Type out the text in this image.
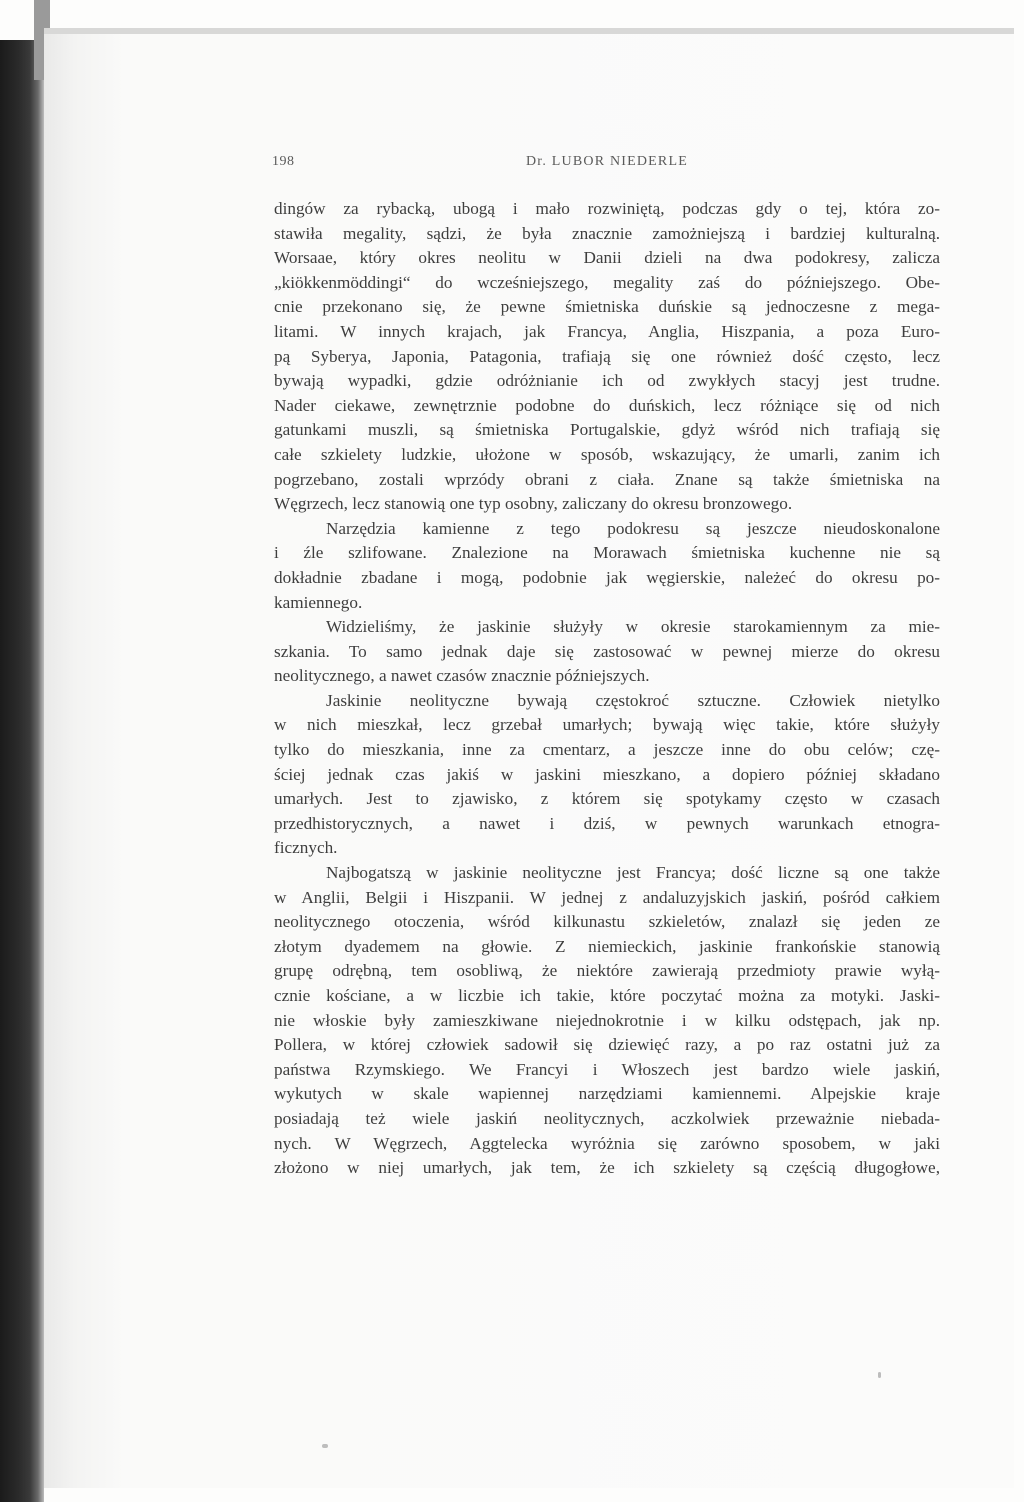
198	Dr. LUBOR NIEDERLE
dingów za rybacką, ubogą i mało rozwiniętą, podczas gdy o tej, która zo-
stawiła megality, sądzi, że była znacznie zamożniejszą i bardziej kulturalną.
Worsaae, który okres neolitu w Danii dzieli na dwa podokresy, zalicza
„kiökkenmöddingi“ do wcześniejszego, megality zaś do późniejszego. Obe-
cnie przekonano się, że pewne śmietniska duńskie są jednoczesne z mega-
litami. W innych krajach, jak Francya, Anglia, Hiszpania, a poza Euro-
pą Syberya, Japonia, Patagonia, trafiają się one również dość często, lecz
bywają wypadki, gdzie odróżnianie ich od zwykłych stacyj jest trudne.
Nader ciekawe, zewnętrznie podobne do duńskich, lecz różniące się od nich
gatunkami muszli, są śmietniska Portugalskie, gdyż wśród nich trafiają się
całe szkielety ludzkie, ułożone w sposób, wskazujący, że umarli, zanim ich
pogrzebano, zostali wprzódy obrani z ciała. Znane są także śmietniska na
Węgrzech, lecz stanowią one typ osobny, zaliczany do okresu bronzowego.
Narzędzia kamienne z tego podokresu są jeszcze nieudoskonalone
i źle szlifowane. Znalezione na Morawach śmietniska kuchenne nie są
dokładnie zbadane i mogą, podobnie jak węgierskie, należeć do okresu po-
kamiennego.
Widzieliśmy, że jaskinie służyły w okresie starokamiennym za mie-
szkania. To samo jednak daje się zastosować w pewnej mierze do okresu
neolitycznego, a nawet czasów znacznie późniejszych.
Jaskinie neolityczne bywają częstokroć sztuczne. Człowiek nietylko
w nich mieszkał, lecz grzebał umarłych; bywają więc takie, które służyły
tylko do mieszkania, inne za cmentarz, a jeszcze inne do obu celów; czę-
ściej jednak czas jakiś w jaskini mieszkano, a dopiero później składano
umarłych. Jest to zjawisko, z którem się spotykamy często w czasach
przedhistorycznych, a nawet i dziś, w pewnych warunkach etnogra-
ficznych.
Najbogatszą w jaskinie neolityczne jest Francya; dość liczne są one także
w Anglii, Belgii i Hiszpanii. W jednej z andaluzyjskich jaskiń, pośród całkiem
neolitycznego otoczenia, wśród kilkunastu szkieletów, znalazł się jeden ze
złotym dyademem na głowie. Z niemieckich, jaskinie frankońskie stanowią
grupę odrębną, tem osobliwą, że niektóre zawierają przedmioty prawie wyłą-
cznie kościane, a w liczbie ich takie, które poczytać można za motyki. Jaski-
nie włoskie były zamieszkiwane niejednokrotnie i w kilku odstępach, jak np.
Pollera, w której człowiek sadowił się dziewięć razy, a po raz ostatni już za
państwa Rzymskiego. We Francyi i Włoszech jest bardzo wiele jaskiń,
wykutych w skale wapiennej narzędziami kamiennemi. Alpejskie kraje
posiadają też wiele jaskiń neolitycznych, aczkolwiek przeważnie niebada-
nych. W Węgrzech, Aggtelecka wyróżnia się zarówno sposobem, w jaki
złożono w niej umarłych, jak tem, że ich szkielety są częścią długogłowe,
